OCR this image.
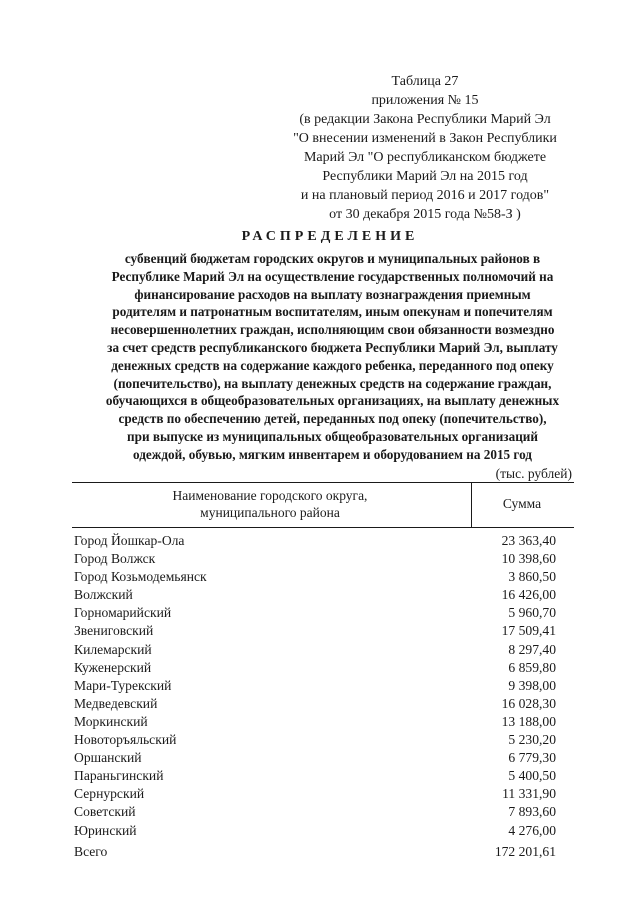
Таблица 27
приложения № 15
(в редакции Закона Республики Марий Эл
"О внесении изменений в Закон Республики
Марий Эл "О республиканском бюджете
Республики Марий Эл на 2015 год
и на плановый период 2016 и 2017 годов"
от 30 декабря 2015 года №58-З )
РАСПРЕДЕЛЕНИЕ
субвенций бюджетам городских округов и муниципальных районов в
Республике Марий Эл на осуществление государственных полномочий на
финансирование расходов на выплату вознаграждения приемным
родителям и патронатным воспитателям, иным опекунам и попечителям
несовершеннолетних граждан, исполняющим свои обязанности возмездно
за счет средств республиканского бюджета Республики Марий Эл, выплату
денежных средств на содержание каждого ребенка, переданного под опеку
(попечительство), на выплату денежных средств на содержание граждан,
обучающихся в общеобразовательных организациях, на выплату денежных
средств по обеспечению детей, переданных под опеку (попечительство),
при выпуске из муниципальных общеобразовательных организаций
одеждой, обувью, мягким инвентарем и оборудованием на 2015 год
(тыс. рублей)
Наименование городского округа,
муниципального района
Сумма
Город Йошкар-Ола	23 363,40
Город Волжск	10 398,60
Город Козьмодемьянск	3 860,50
Волжский	16 426,00
Горномарийский	5 960,70
Звениговский	17 509,41
Килемарский	8 297,40
Куженерский	6 859,80
Мари-Турекский	9 398,00
Медведевский	16 028,30
Моркинский	13 188,00
Новоторъяльский	5 230,20
Оршанский	6 779,30
Параньгинский	5 400,50
Сернурский	11 331,90
Советский	7 893,60
Юринский	4 276,00
Всего	172 201,61
